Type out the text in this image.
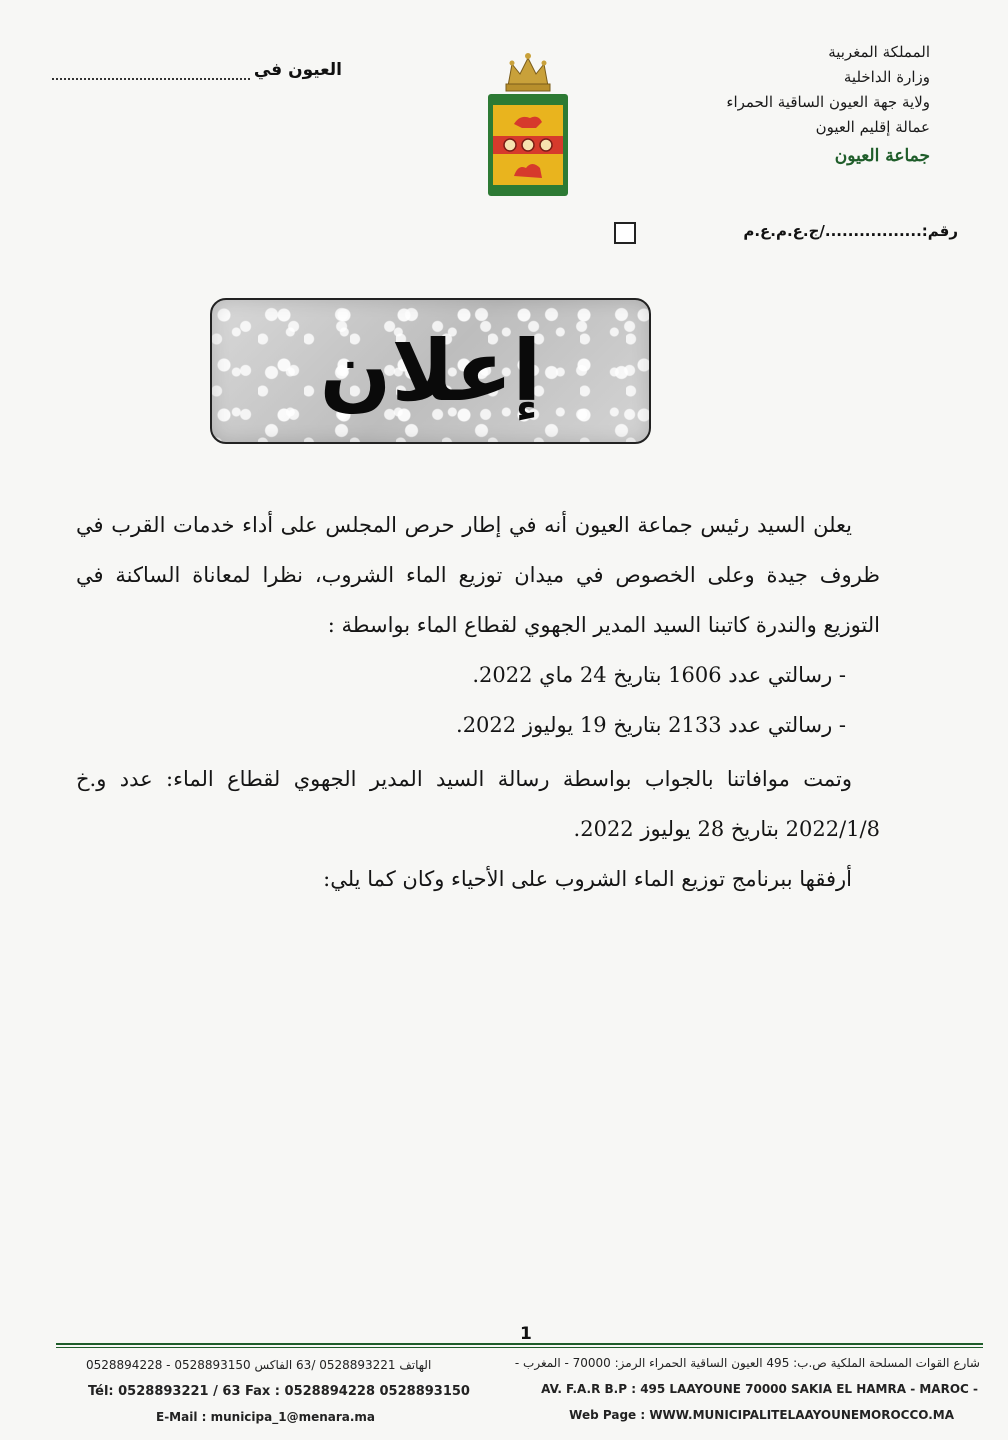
المملكة المغربية
وزارة الداخلية
ولاية جهة العيون الساقية الحمراء
عمالة إقليم العيون
جماعة العيون
العيون في
رقم:................./ج.ع.م.ع.م
إعلان

يعلن السيد رئيس جماعة العيون أنه في إطار حرص المجلس على أداء خدمات القرب في ظروف جيدة وعلى الخصوص في ميدان توزيع الماء الشروب، نظرا لمعاناة الساكنة في التوزيع والندرة كاتبنا السيد المدير الجهوي لقطاع الماء بواسطة :

- رسالتي عدد 1606 بتاريخ 24 ماي 2022.

- رسالتي عدد 2133 بتاريخ 19 يوليوز 2022.

وتمت موافاتنا بالجواب بواسطة رسالة السيد المدير الجهوي لقطاع الماء: عدد و.خ 2022/1/8 بتاريخ 28 يوليوز 2022.

أرفقها ببرنامج توزيع الماء الشروب على الأحياء وكان كما يلي:

1
شارع القوات المسلحة الملكية ص.ب: 495 العيون الساقية الحمراء الرمز: 70000 - المغرب -
AV. F.A.R B.P : 495 LAAYOUNE 70000 SAKIA EL HAMRA - MAROC -
Web Page : WWW.MUNICIPALITELAAYOUNEMOROCCO.MA
الهاتف 0528893221 /63 الفاكس 0528893150 - 0528894228
Tél: 0528893221 / 63 Fax : 0528894228 0528893150
E-Mail : municipa_1@menara.ma
